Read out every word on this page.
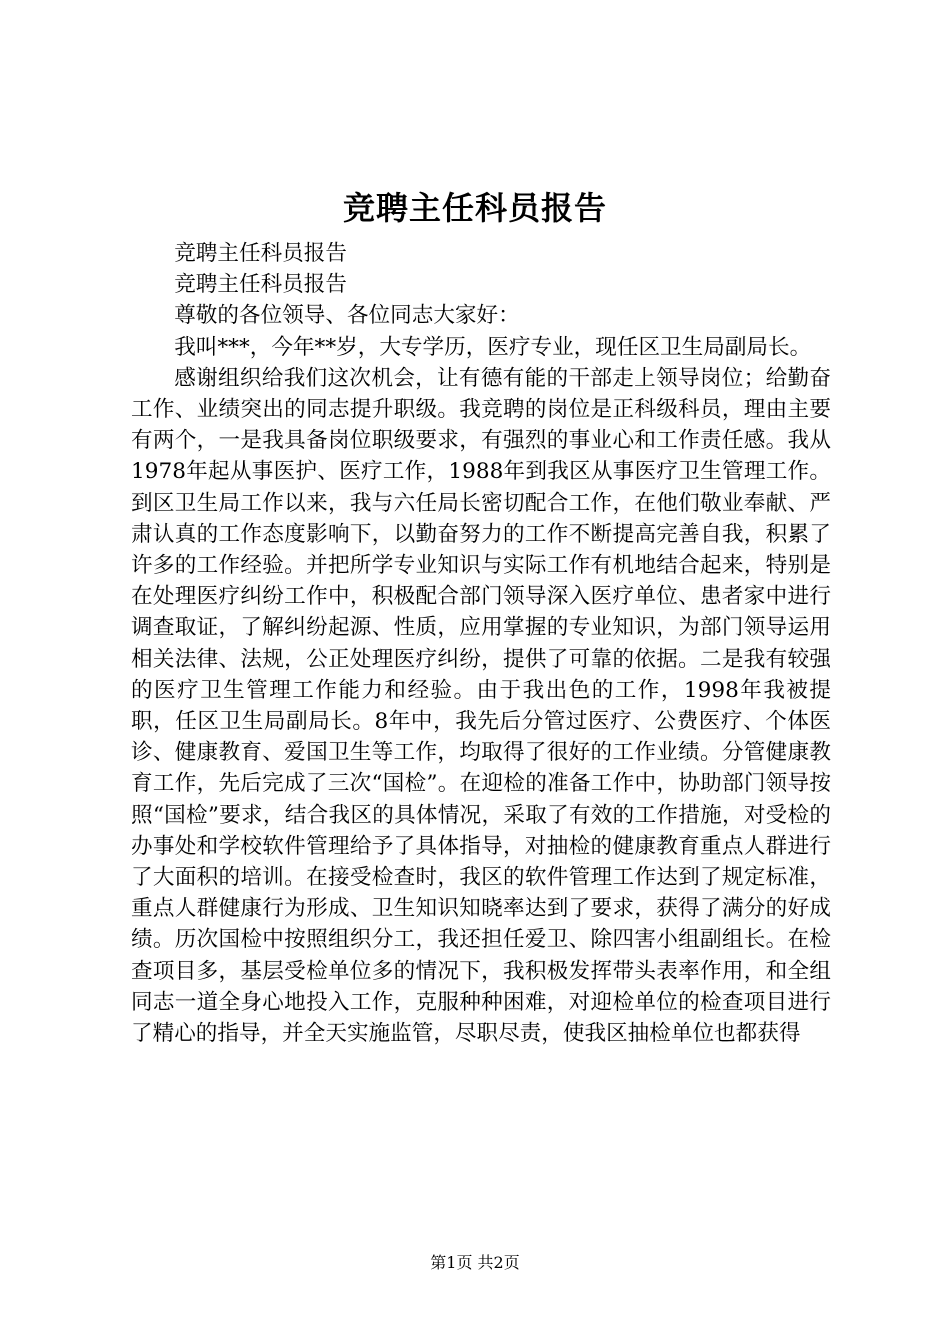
竞聘主任科员报告

竞聘主任科员报告

竞聘主任科员报告

尊敬的各位领导、各位同志大家好：

我叫***，今年**岁，大专学历，医疗专业，现任区卫生局副局长。

感谢组织给我们这次机会，让有德有能的干部走上领导岗位；给勤奋工作、业绩突出的同志提升职级。我竞聘的岗位是正科级科员，理由主要有两个，一是我具备岗位职级要求，有强烈的事业心和工作责任感。我从1978年起从事医护、医疗工作，1988年到我区从事医疗卫生管理工作。到区卫生局工作以来，我与六任局长密切配合工作，在他们敬业奉献、严肃认真的工作态度影响下，以勤奋努力的工作不断提高完善自我，积累了许多的工作经验。并把所学专业知识与实际工作有机地结合起来，特别是在处理医疗纠纷工作中，积极配合部门领导深入医疗单位、患者家中进行调查取证，了解纠纷起源、性质，应用掌握的专业知识，为部门领导运用相关法律、法规，公正处理医疗纠纷，提供了可靠的依据。二是我有较强的医疗卫生管理工作能力和经验。由于我出色的工作，1998年我被提职，任区卫生局副局长。8年中，我先后分管过医疗、公费医疗、个体医诊、健康教育、爱国卫生等工作，均取得了很好的工作业绩。分管健康教育工作，先后完成了三次“国检”。在迎检的准备工作中，协助部门领导按照“国检”要求，结合我区的具体情况，采取了有效的工作措施，对受检的办事处和学校软件管理给予了具体指导，对抽检的健康教育重点人群进行了大面积的培训。在接受检查时，我区的软件管理工作达到了规定标准，重点人群健康行为形成、卫生知识知晓率达到了要求，获得了满分的好成绩。历次国检中按照组织分工，我还担任爱卫、除四害小组副组长。在检查项目多，基层受检单位多的情况下，我积极发挥带头表率作用，和全组同志一道全身心地投入工作，克服种种困难，对迎检单位的检查项目进行了精心的指导，并全天实施监管，尽职尽责，使我区抽检单位也都获得

第1页 共2页
